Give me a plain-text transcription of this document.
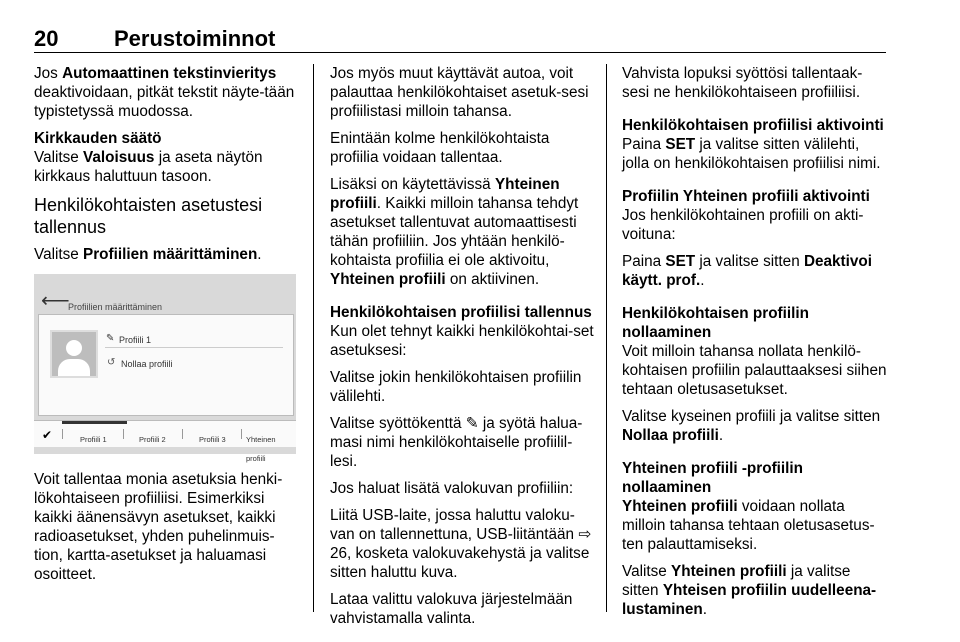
20	Perustoiminnot

Jos Automaattinen tekstinvieritys deaktivoidaan, pitkät tekstit näyte-tään typistetyssä muodossa.

Kirkkauden säätö

Valitse Valoisuus ja aseta näytön kirkkaus haluttuun tasoon.

Henkilökohtaisten asetustesi tallennus

Valitse Profiilien määrittäminen.

⟵
Profiilien määrittäminen
✎ Profiili 1
↺ Nollaa profiili
✔	Profiili 1	Profiili 2	Profiili 3	Yhteinen profiili

Voit tallentaa monia asetuksia henki-lökohtaiseen profiiliisi. Esimerkiksi kaikki äänensävyn asetukset, kaikki radioasetukset, yhden puhelinmuis-tion, kartta-asetukset ja haluamasi osoitteet.

Jos myös muut käyttävät autoa, voit palauttaa henkilökohtaiset asetuk-sesi profiilistasi milloin tahansa.

Enintään kolme henkilökohtaista profiilia voidaan tallentaa.

Lisäksi on käytettävissä Yhteinen profiili. Kaikki milloin tahansa tehdyt asetukset tallentuvat automaattisesti tähän profiiliin. Jos yhtään henkilö-kohtaista profiilia ei ole aktivoitu, Yhteinen profiili on aktiivinen.

Henkilökohtaisen profiilisi tallennus

Kun olet tehnyt kaikki henkilökohtai-set asetuksesi:

Valitse jokin henkilökohtaisen profiilin välilehti.

Valitse syöttökenttä ✎ ja syötä halua-masi nimi henkilökohtaiselle profiilil-lesi.

Jos haluat lisätä valokuvan profiiliin:

Liitä USB-laite, jossa haluttu valoku-van on tallennettuna, USB-liitäntään ⇨ 26, kosketa valokuvakehystä ja valitse sitten haluttu kuva.

Lataa valittu valokuva järjestelmään vahvistamalla valinta.

Vahvista lopuksi syöttösi tallentaak-sesi ne henkilökohtaiseen profiiliisi.

Henkilökohtaisen profiilisi aktivointi

Paina SET ja valitse sitten välilehti, jolla on henkilökohtaisen profiilisi nimi.

Profiilin Yhteinen profiili aktivointi

Jos henkilökohtainen profiili on akti-voituna:

Paina SET ja valitse sitten Deaktivoi käytt. prof..

Henkilökohtaisen profiilin nollaaminen

Voit milloin tahansa nollata henkilö-kohtaisen profiilin palauttaaksesi siihen tehtaan oletusasetukset.

Valitse kyseinen profiili ja valitse sitten Nollaa profiili.

Yhteinen profiili -profiilin nollaaminen

Yhteinen profiili voidaan nollata milloin tahansa tehtaan oletusasetus-ten palauttamiseksi.

Valitse Yhteinen profiili ja valitse sitten Yhteisen profiilin uudelleena-lustaminen.
